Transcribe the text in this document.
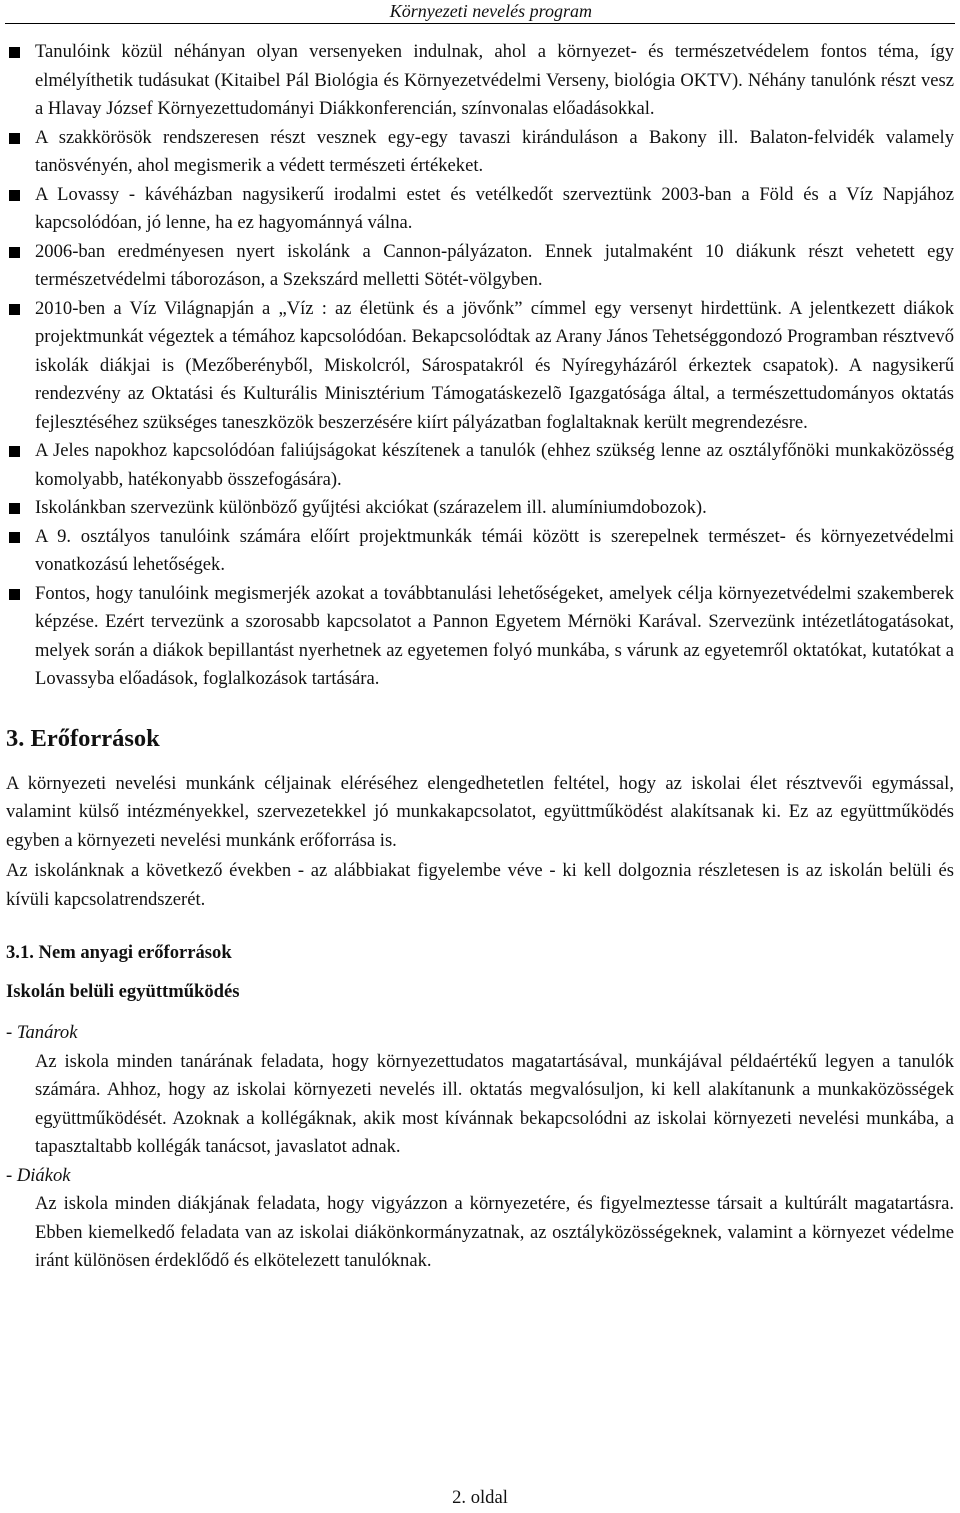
Környezeti nevelés program
Tanulóink közül néhányan olyan versenyeken indulnak, ahol a környezet- és természetvédelem fontos téma, így elmélyíthetik tudásukat (Kitaibel Pál Biológia és Környezetvédelmi Verseny, biológia OKTV). Néhány tanulónk részt vesz a Hlavay József Környezettudományi Diákkonferencián, színvonalas előadásokkal.
A szakkörösök rendszeresen részt vesznek egy-egy tavaszi kiránduláson a Bakony ill. Balaton-felvidék valamely tanösvényén, ahol megismerik a védett természeti értékeket.
A Lovassy - kávéházban nagysikerű irodalmi estet és vetélkedőt szerveztünk 2003-ban a Föld és a Víz Napjához kapcsolódóan, jó lenne, ha ez hagyománnyá válna.
2006-ban eredményesen nyert iskolánk a Cannon-pályázaton. Ennek jutalmaként 10 diákunk részt vehetett egy természetvédelmi táborozáson, a Szekszárd melletti Sötét-völgyben.
2010-ben a Víz Világnapján a „Víz : az életünk és a jövőnk” címmel egy versenyt hirdettünk. A jelentkezett diákok projektmunkát végeztek a témához kapcsolódóan. Bekapcsolódtak az Arany János Tehetséggondozó Programban résztvevő iskolák diákjai is (Mezőberényből, Miskolcról, Sárospatakról és Nyíregyházáról érkeztek csapatok). A nagysikerű rendezvény az Oktatási és Kulturális Minisztérium Támogatáskezelõ Igazgatósága által, a természettudományos oktatás fejlesztéséhez szükséges taneszközök beszerzésére kiírt pályázatban foglaltaknak került megrendezésre.
A Jeles napokhoz kapcsolódóan faliújságokat készítenek a tanulók (ehhez szükség lenne az osztályfőnöki munkaközösség komolyabb, hatékonyabb összefogására).
Iskolánkban szervezünk különböző gyűjtési akciókat (szárazelem ill. alumíniumdobozok).
A 9. osztályos tanulóink számára előírt projektmunkák témái között is szerepelnek természet- és környezetvédelmi vonatkozású lehetőségek.
Fontos, hogy tanulóink megismerjék azokat a továbbtanulási lehetőségeket, amelyek célja környezetvédelmi szakemberek képzése. Ezért tervezünk a szorosabb kapcsolatot a Pannon Egyetem Mérnöki Karával. Szervezünk intézetlátogatásokat, melyek során a diákok bepillantást nyerhetnek az egyetemen folyó munkába, s várunk az egyetemről oktatókat, kutatókat a Lovassyba előadások, foglalkozások tartására.
3. Erőforrások

A környezeti nevelési munkánk céljainak eléréséhez elengedhetetlen feltétel, hogy az iskolai élet résztvevői egymással, valamint külső intézményekkel, szervezetekkel jó munkakapcsolatot, együttműködést alakítsanak ki. Ez az együttműködés egyben a környezeti nevelési munkánk erőforrása is.

Az iskolánknak a következő években - az alábbiakat figyelembe véve - ki kell dolgoznia részletesen is az iskolán belüli és kívüli kapcsolatrendszerét.

3.1. Nem anyagi erőforrások
Iskolán belüli együttműködés
- Tanárok
Az iskola minden tanárának feladata, hogy környezettudatos magatartásával, munkájával példaértékű legyen a tanulók számára. Ahhoz, hogy az iskolai környezeti nevelés ill. oktatás megvalósuljon, ki kell alakítanunk a munkaközösségek együttműködését. Azoknak a kollégáknak, akik most kívánnak bekapcsolódni az iskolai környezeti nevelési munkába, a tapasztaltabb kollégák tanácsot, javaslatot adnak.
- Diákok
Az iskola minden diákjának feladata, hogy vigyázzon a környezetére, és figyelmeztesse társait a kultúrált magatartásra. Ebben kiemelkedő feladata van az iskolai diákönkormányzatnak, az osztályközösségeknek, valamint a környezet védelme iránt különösen érdeklődő és elkötelezett tanulóknak.
2. oldal
